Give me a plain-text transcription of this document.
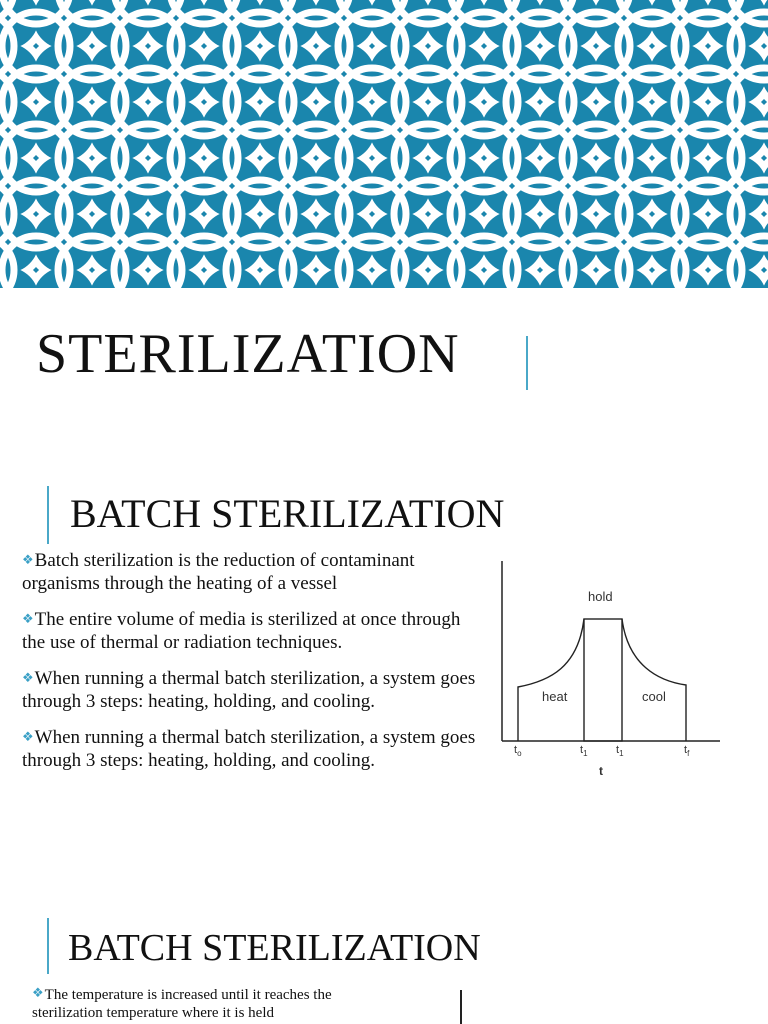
STERILIZATION
BATCH STERILIZATION
❖Batch sterilization is the reduction of contaminant organisms through the heating of a vessel
❖The entire volume of media is sterilized at once through the use of thermal or radiation techniques.
❖When running a thermal batch sterilization, a system goes through 3 steps: heating, holding, and cooling.
❖When running a thermal batch sterilization, a system goes through 3 steps: heating, holding, and cooling.
hold
heat	cool
$t_o$	$t_1$	$t_1$	$t_f$
t
BATCH STERILIZATION
❖The temperature is increased until it reaches the sterilization temperature where it is held
